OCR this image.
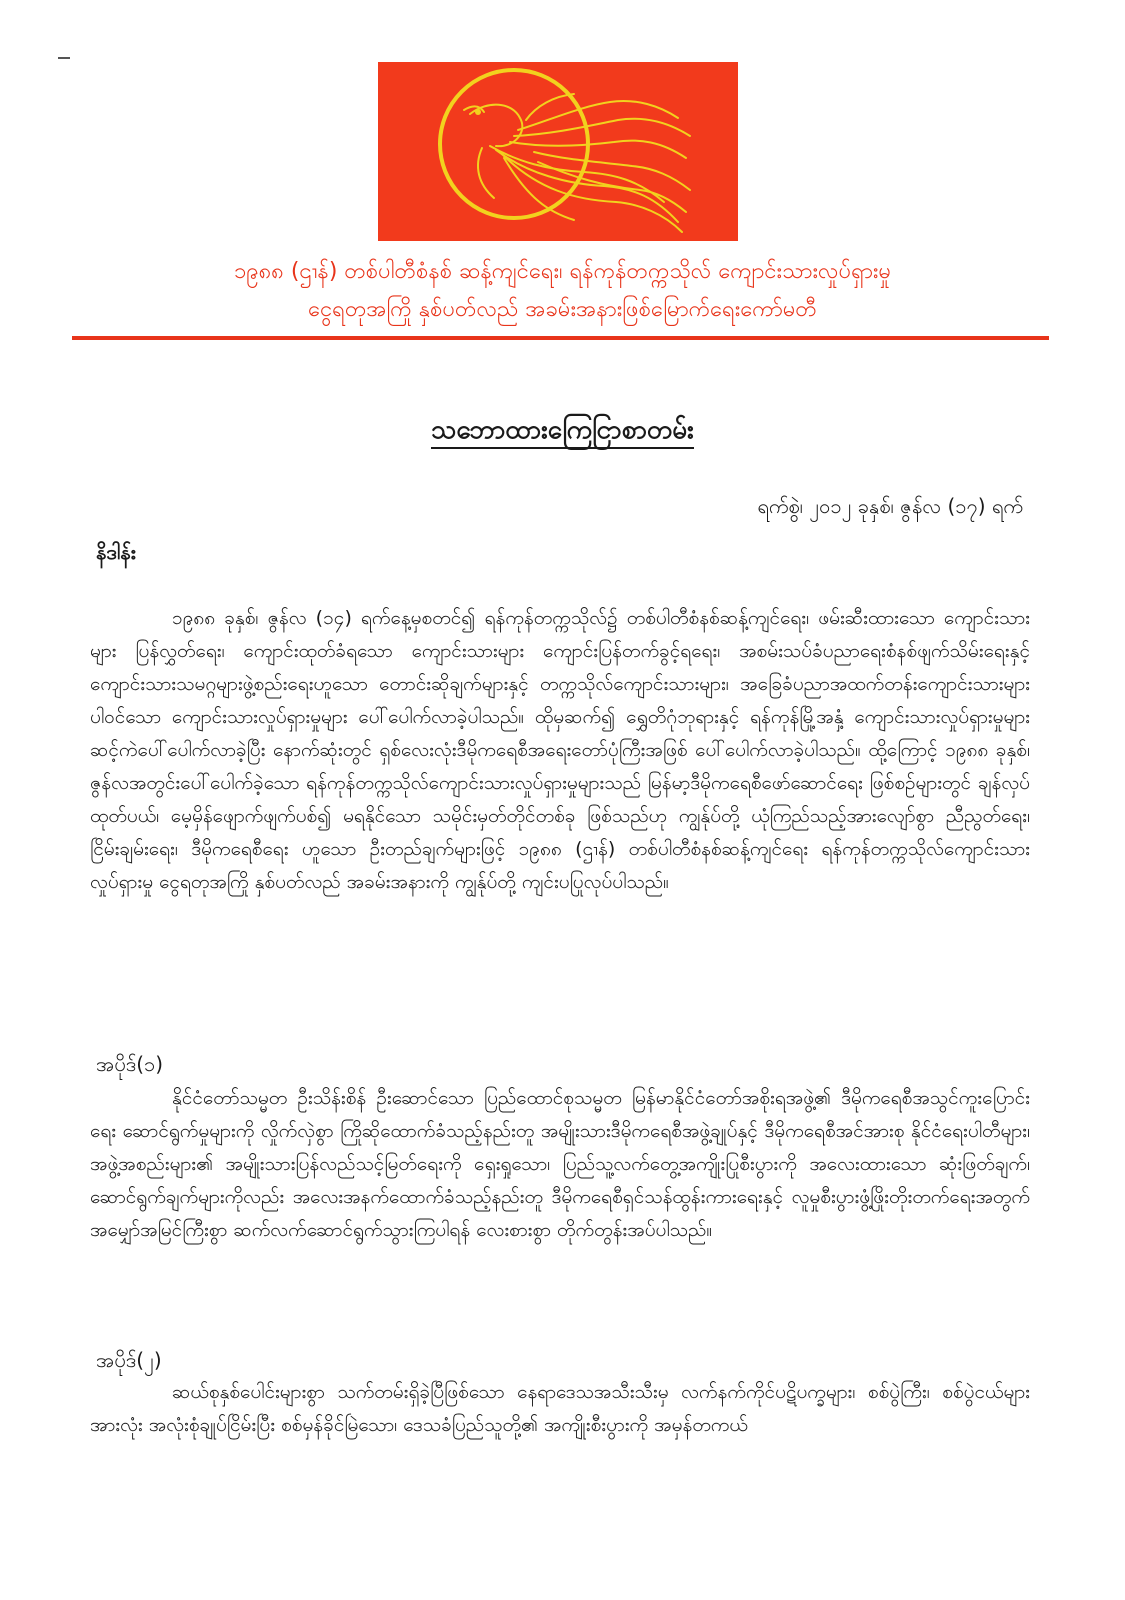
၁၉၈၈ (ဌၢန်) တစ်ပါတီစံနစ် ဆန့်ကျင်ရေး၊ ရန်ကုန်တက္ကသိုလ် ကျောင်းသားလှုပ်ရှားမှု
ငွေရတုအကြို နှစ်ပတ်လည် အခမ်းအနားဖြစ်မြောက်ရေးကော်မတီ
သဘောထားကြေငြာစာတမ်း
ရက်စွဲ၊ ၂၀၁၂ ခုနှစ်၊ ဇွန်လ (၁၇) ရက်
နိဒါန်း

၁၉၈၈ ခုနှစ်၊ ဇွန်လ (၁၄) ရက်နေ့မှစတင်၍ ရန်ကုန်တက္ကသိုလ်၌ တစ်ပါတီစံနစ်ဆန့်ကျင်ရေး၊ ဖမ်းဆီးထားသော ကျောင်းသားများ ပြန်လွှတ်ရေး၊ ကျောင်းထုတ်ခံရသော ကျောင်းသားများ ကျောင်းပြန်တက်ခွင့်ရရေး၊ အစမ်းသပ်ခံပညာရေးစံနစ်ဖျက်သိမ်းရေးနှင့် ကျောင်းသားသမဂ္ဂများဖွဲ့စည်းရေးဟူသော တောင်းဆိုချက်များနှင့် တက္ကသိုလ်ကျောင်းသားများ၊ အခြေခံပညာအထက်တန်းကျောင်းသားများပါဝင်သော ကျောင်းသားလှုပ်ရှားမှုများ ပေါ်ပေါက်လာခဲ့ပါသည်။ ထိုမှဆက်၍ ရွှေတိဂုံဘုရားနှင့် ရန်ကုန်မြို့အနှံ့ ကျောင်းသားလှုပ်ရှားမှုများ ဆင့်ကဲပေါ်ပေါက်လာခဲ့ပြီး နောက်ဆုံးတွင် ရှစ်လေးလုံးဒီမိုကရေစီအရေးတော်ပုံကြီးအဖြစ် ပေါ်ပေါက်လာခဲ့ပါသည်။ ထို့ကြောင့် ၁၉၈၈ ခုနှစ်၊ ဇွန်လအတွင်းပေါ်ပေါက်ခဲ့သော ရန်ကုန်တက္ကသိုလ်ကျောင်းသားလှုပ်ရှားမှုများသည် မြန်မာ့ဒီမိုကရေစီဖော်ဆောင်ရေး ဖြစ်စဉ်များတွင် ချန်လှပ်ထုတ်ပယ်၊ မေ့မှိန်ဖျောက်ဖျက်ပစ်၍ မရနိုင်သော သမိုင်းမှတ်တိုင်တစ်ခု ဖြစ်သည်ဟု ကျွန်ုပ်တို့ ယုံကြည်သည့်အားလျော်စွာ ညီညွတ်ရေး၊ ငြိမ်းချမ်းရေး၊ ဒီမိုကရေစီရေး ဟူသော ဦးတည်ချက်များဖြင့် ၁၉၈၈ (ဌၢန်) တစ်ပါတီစံနစ်ဆန့်ကျင်ရေး ရန်ကုန်တက္ကသိုလ်ကျောင်းသားလှုပ်ရှားမှု ငွေရတုအကြို နှစ်ပတ်လည် အခမ်းအနားကို ကျွန်ုပ်တို့ ကျင်းပပြုလုပ်ပါသည်။

အပိုဒ်(၁)

နိုင်ငံတော်သမ္မတ ဦးသိန်းစိန် ဦးဆောင်သော ပြည်ထောင်စုသမ္မတ မြန်မာနိုင်ငံတော်အစိုးရအဖွဲ့၏ ဒီမိုကရေစီအသွင်ကူးပြောင်းရေး ဆောင်ရွက်မှုများကို လှိုက်လှဲစွာ ကြိုဆိုထောက်ခံသည့်နည်းတူ အမျိုးသားဒီမိုကရေစီအဖွဲ့ချုပ်နှင့် ဒီမိုကရေစီအင်အားစု နိုင်ငံရေးပါတီများ၊ အဖွဲ့အစည်းများ၏ အမျိုးသားပြန်လည်သင့်မြတ်ရေးကို ရှေးရှုသော၊ ပြည်သူ့လက်တွေ့အကျိုးပြုစီးပွားကို အလေးထားသော ဆုံးဖြတ်ချက်၊ ဆောင်ရွက်ချက်များကိုလည်း အလေးအနက်ထောက်ခံသည့်နည်းတူ ဒီမိုကရေစီရှင်သန်ထွန်းကားရေးနှင့် လူမှုစီးပွားဖွံ့ဖြိုးတိုးတက်ရေးအတွက်အမျှော်အမြင်ကြီးစွာ ဆက်လက်ဆောင်ရွက်သွားကြပါရန် လေးစားစွာ တိုက်တွန်းအပ်ပါသည်။

အပိုဒ်(၂)

ဆယ်စုနှစ်ပေါင်းများစွာ သက်တမ်းရှိခဲ့ပြီဖြစ်သော နေရာဒေသအသီးသီးမှ လက်နက်ကိုင်ပဋိပက္ခများ၊ စစ်ပွဲကြီး၊ စစ်ပွဲငယ်များအားလုံး အလုံးစုံချုပ်ငြိမ်းပြီး စစ်မှန်ခိုင်မြဲသော၊ ဒေသခံပြည်သူတို့၏ အကျိုးစီးပွားကို အမှန်တကယ်
